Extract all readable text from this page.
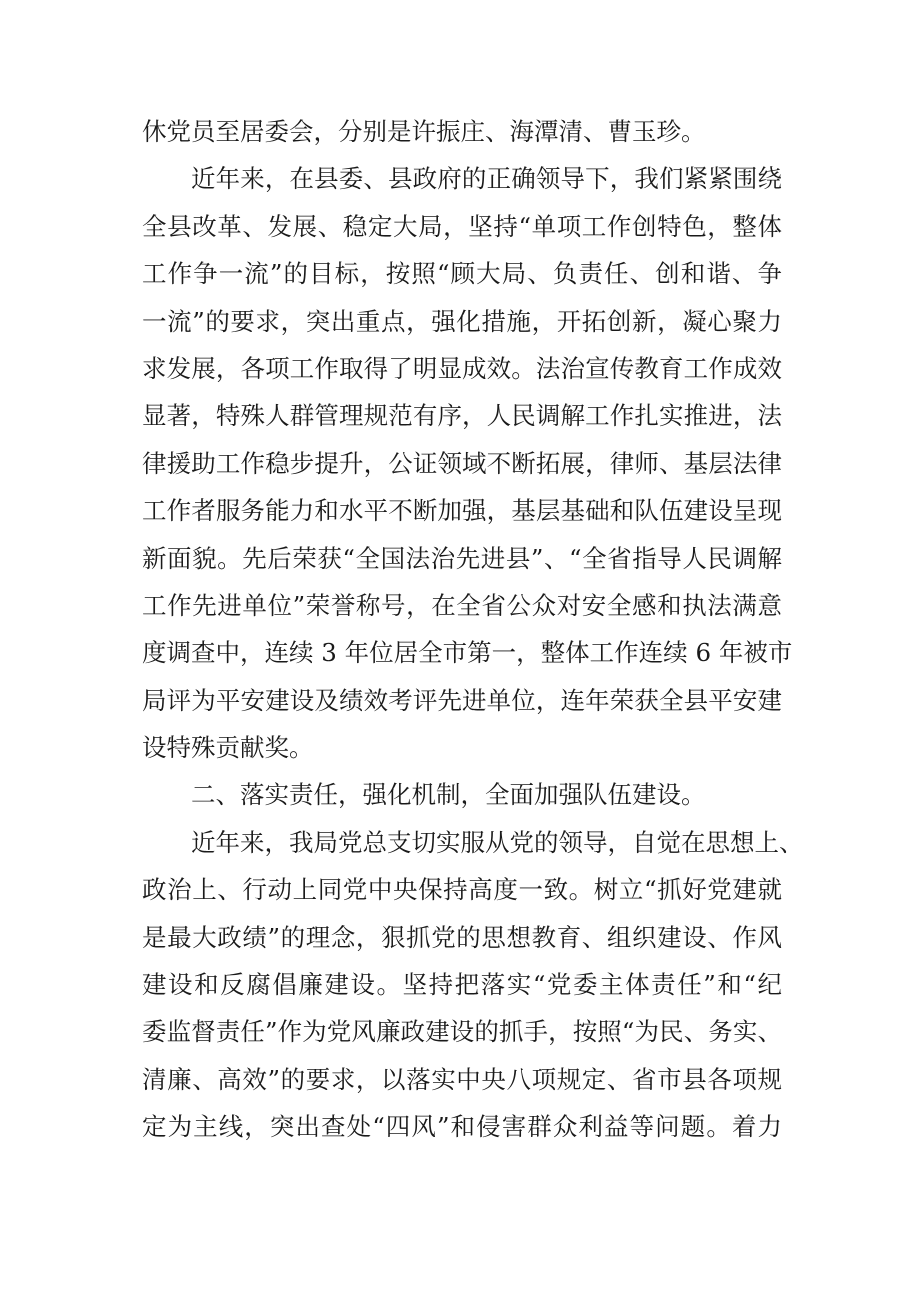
休党员至居委会，分别是许振庄、海潭清、曹玉珍。
近年来，在县委、县政府的正确领导下，我们紧紧围绕
全县改革、发展、稳定大局，坚持“单项工作创特色，整体
工作争一流”的目标，按照“顾大局、负责任、创和谐、争
一流”的要求，突出重点，强化措施，开拓创新，凝心聚力
求发展，各项工作取得了明显成效。法治宣传教育工作成效
显著，特殊人群管理规范有序，人民调解工作扎实推进，法
律援助工作稳步提升，公证领域不断拓展，律师、基层法律
工作者服务能力和水平不断加强，基层基础和队伍建设呈现
新面貌。先后荣获“全国法治先进县”、“全省指导人民调解
工作先进单位”荣誉称号，在全省公众对安全感和执法满意
度调查中，连续 3 年位居全市第一，整体工作连续 6 年被市
局评为平安建设及绩效考评先进单位，连年荣获全县平安建
设特殊贡献奖。
二、落实责任，强化机制，全面加强队伍建设。
近年来，我局党总支切实服从党的领导，自觉在思想上、
政治上、行动上同党中央保持高度一致。树立“抓好党建就
是最大政绩”的理念，狠抓党的思想教育、组织建设、作风
建设和反腐倡廉建设。坚持把落实“党委主体责任”和“纪
委监督责任”作为党风廉政建设的抓手，按照“为民、务实、
清廉、高效”的要求，以落实中央八项规定、省市县各项规
定为主线，突出查处“四风”和侵害群众利益等问题。着力
